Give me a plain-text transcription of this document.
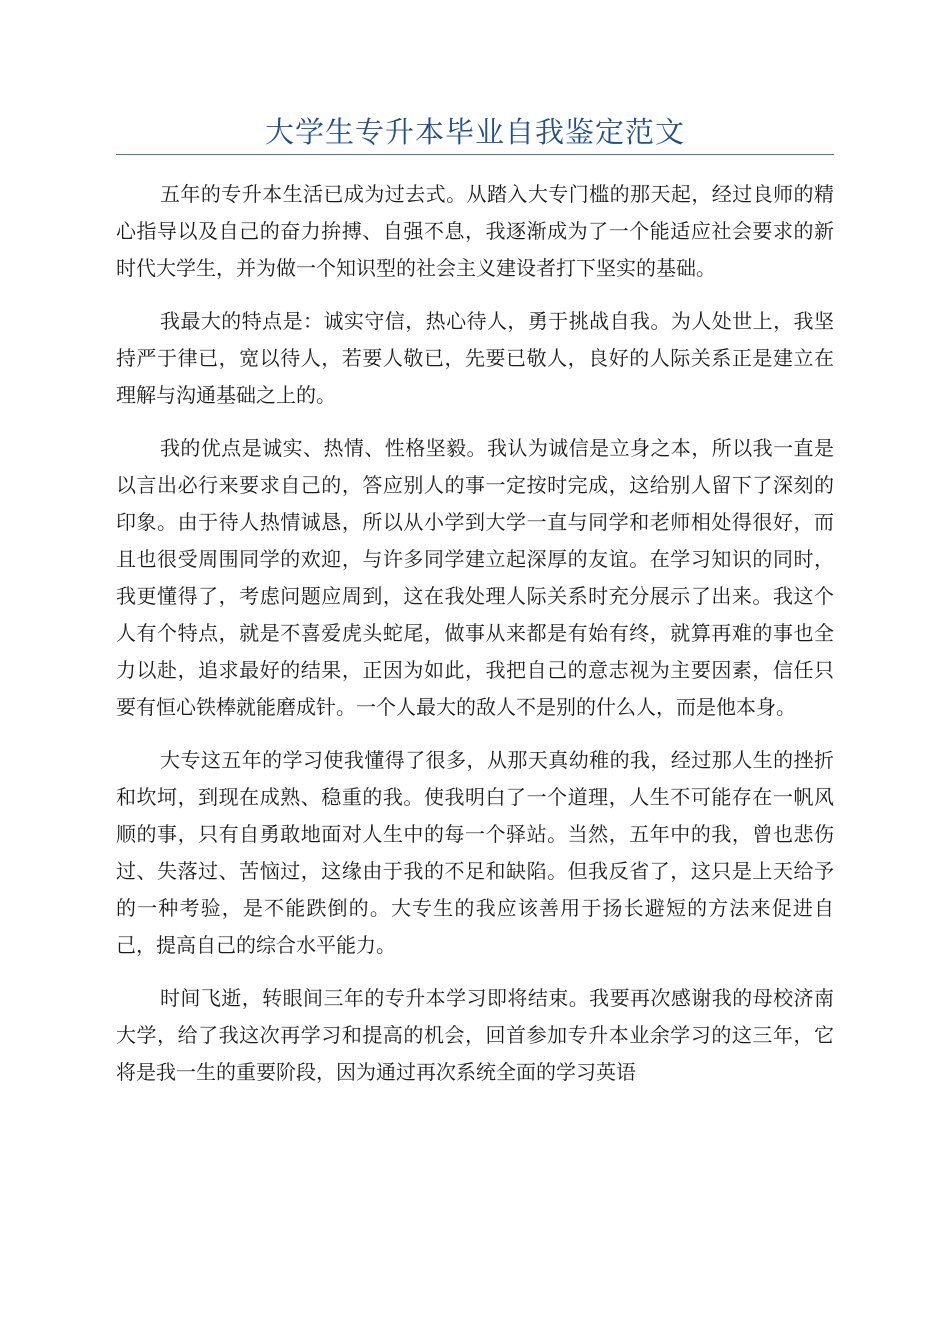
大学生专升本毕业自我鉴定范文

五年的专升本生活已成为过去式。从踏入大专门槛的那天起，经过良师的精心指导以及自己的奋力拚搏、自强不息，我逐渐成为了一个能适应社会要求的新时代大学生，并为做一个知识型的社会主义建设者打下坚实的基础。

我最大的特点是：诚实守信，热心待人，勇于挑战自我。为人处世上，我坚持严于律已，宽以待人，若要人敬已，先要已敬人，良好的人际关系正是建立在理解与沟通基础之上的。

我的优点是诚实、热情、性格坚毅。我认为诚信是立身之本，所以我一直是以言出必行来要求自己的，答应别人的事一定按时完成，这给别人留下了深刻的印象。由于待人热情诚恳，所以从小学到大学一直与同学和老师相处得很好，而且也很受周围同学的欢迎，与许多同学建立起深厚的友谊。在学习知识的同时，我更懂得了，考虑问题应周到，这在我处理人际关系时充分展示了出来。我这个人有个特点，就是不喜爱虎头蛇尾，做事从来都是有始有终，就算再难的事也全力以赴，追求最好的结果，正因为如此，我把自己的意志视为主要因素，信任只要有恒心铁棒就能磨成针。一个人最大的敌人不是别的什么人，而是他本身。

大专这五年的学习使我懂得了很多，从那天真幼稚的我，经过那人生的挫折和坎坷，到现在成熟、稳重的我。使我明白了一个道理，人生不可能存在一帆风顺的事，只有自勇敢地面对人生中的每一个驿站。当然，五年中的我，曾也悲伤过、失落过、苦恼过，这缘由于我的不足和缺陷。但我反省了，这只是上天给予的一种考验，是不能跌倒的。大专生的我应该善用于扬长避短的方法来促进自己，提高自己的综合水平能力。

时间飞逝，转眼间三年的专升本学习即将结束。我要再次感谢我的母校济南大学，给了我这次再学习和提高的机会，回首参加专升本业余学习的这三年，它将是我一生的重要阶段，因为通过再次系统全面的学习英语
